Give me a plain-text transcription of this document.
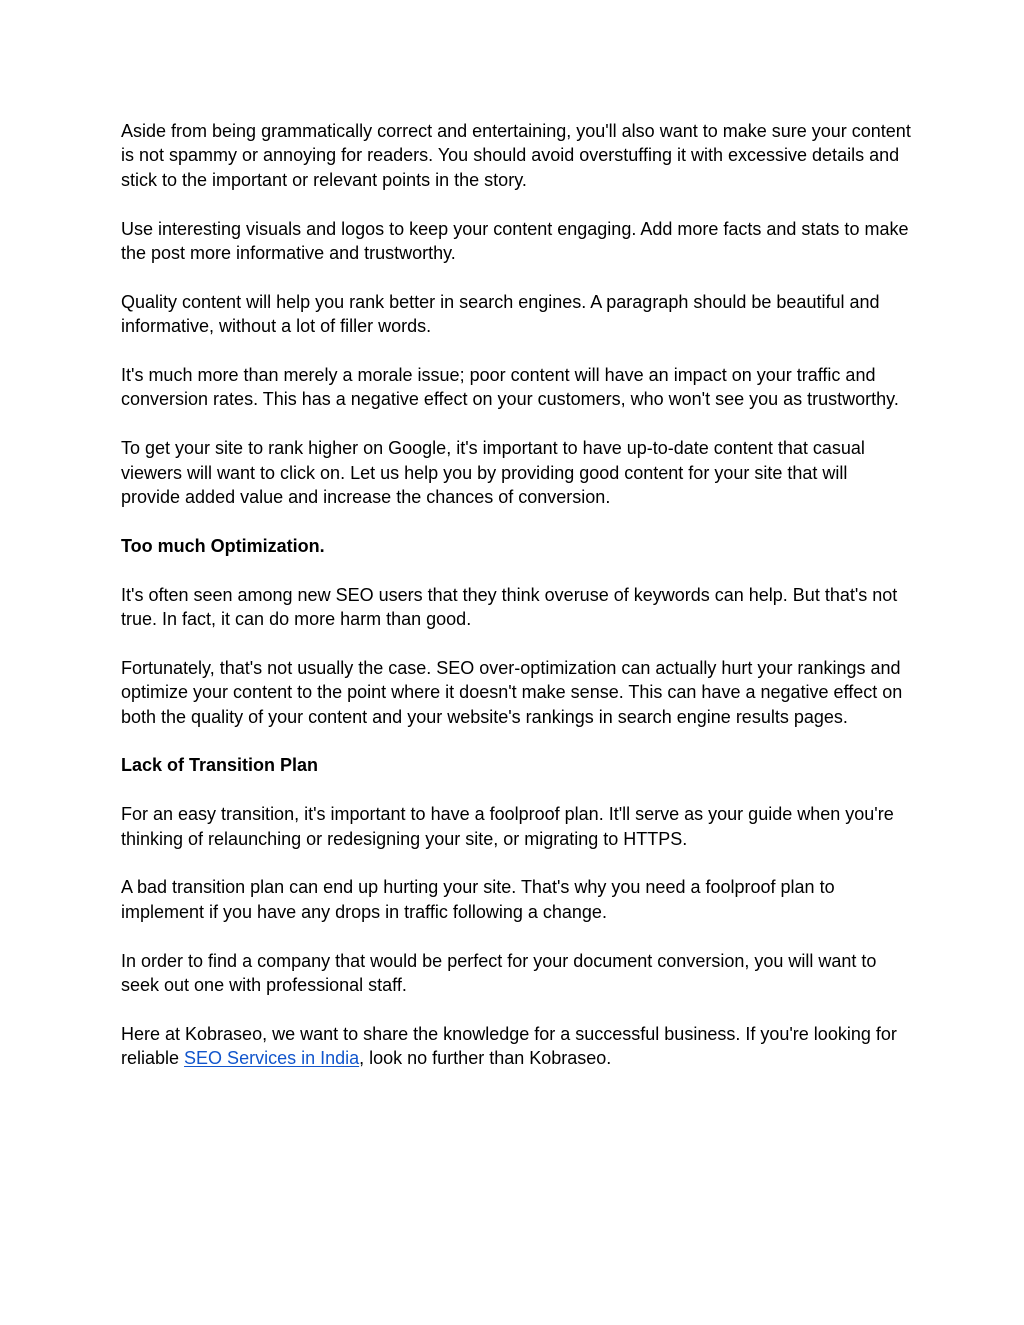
Aside from being grammatically correct and entertaining, you'll also want to make sure your content is not spammy or annoying for readers. You should avoid overstuffing it with excessive details and stick to the important or relevant points in the story.

Use interesting visuals and logos to keep your content engaging. Add more facts and stats to make the post more informative and trustworthy.

Quality content will help you rank better in search engines. A paragraph should be beautiful and informative, without a lot of filler words.

It's much more than merely a morale issue; poor content will have an impact on your traffic and conversion rates. This has a negative effect on your customers, who won't see you as trustworthy.

To get your site to rank higher on Google, it's important to have up-to-date content that casual viewers will want to click on. Let us help you by providing good content for your site that will provide added value and increase the chances of conversion.

Too much Optimization.

It's often seen among new SEO users that they think overuse of keywords can help. But that's not true. In fact, it can do more harm than good.

Fortunately, that's not usually the case. SEO over-optimization can actually hurt your rankings and optimize your content to the point where it doesn't make sense. This can have a negative effect on both the quality of your content and your website's rankings in search engine results pages.

Lack of Transition Plan

For an easy transition, it's important to have a foolproof plan. It'll serve as your guide when you're thinking of relaunching or redesigning your site, or migrating to HTTPS.

A bad transition plan can end up hurting your site. That's why you need a foolproof plan to implement if you have any drops in traffic following a change.

In order to find a company that would be perfect for your document conversion, you will want to seek out one with professional staff.

Here at Kobraseo, we want to share the knowledge for a successful business. If you're looking for reliable SEO Services in India, look no further than Kobraseo.
